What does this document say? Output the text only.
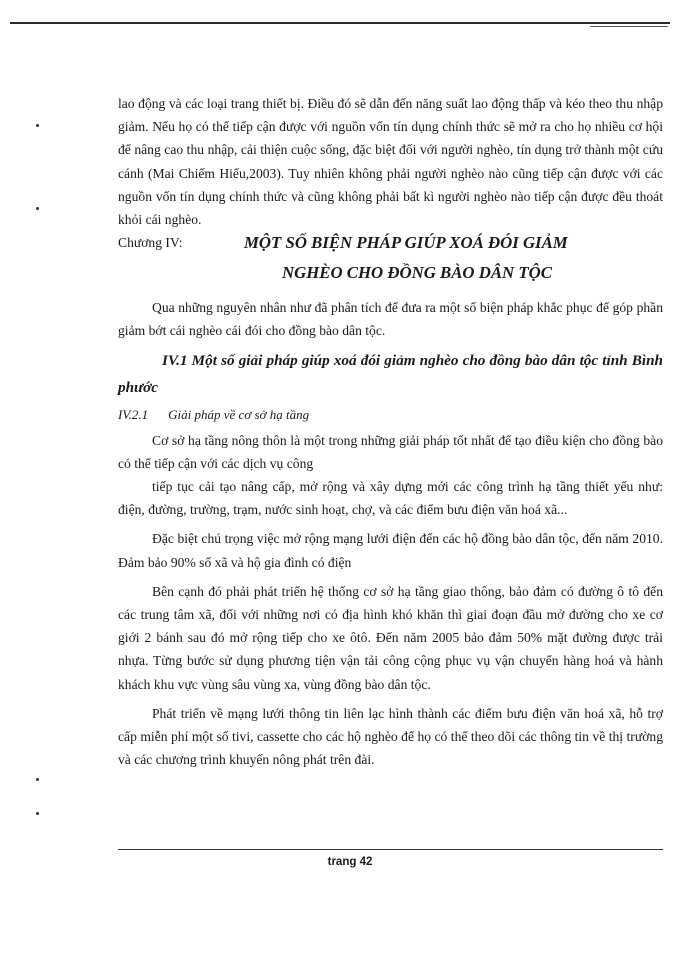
lao động và các loại trang thiết bị. Điều đó sẽ dẫn đến năng suất lao động thấp và kéo theo thu nhập giảm. Nếu họ có thể tiếp cận được với nguồn vốn tín dụng chính thức sẽ mở ra cho họ nhiều cơ hội để nâng cao thu nhập, cải thiện cuộc sống, đặc biệt đối với người nghèo, tín dụng trở thành một cứu cánh (Mai Chiếm Hiếu,2003). Tuy nhiên không phải người nghèo nào cũng tiếp cận được với các nguồn vốn tín dụng chính thức và cũng không phải bất kì người nghèo nào tiếp cận được đều thoát khỏi cái nghèo.

Chương IV:	MỘT SỐ BIỆN PHÁP GIÚP XOÁ ĐÓI GIẢM

NGHÈO CHO ĐỒNG BÀO DÂN TỘC

Qua những nguyên nhân như đã phân tích để đưa ra một số biện pháp khắc phục để góp phần giảm bớt cái nghèo cái đói cho đồng bào dân tộc.

IV.1 Một số giải pháp giúp xoá đói giảm nghèo cho đồng bào dân tộc tỉnh Bình phước

IV.2.1 Giải pháp về cơ sở hạ tầng

Cơ sở hạ tầng nông thôn là một trong những giải pháp tốt nhất để tạo điều kiện cho đồng bào có thể tiếp cận với các dịch vụ công

tiếp tục cải tạo nâng cấp, mở rộng và xây dựng mới các công trình hạ tầng thiết yếu như: điện, đường, trường, trạm, nước sinh hoạt, chợ, và các điểm bưu điện văn hoá xã...

Đặc biệt chú trọng việc mở rộng mạng lưới điện đến các hộ đồng bào dân tộc, đến năm 2010. Đảm bảo 90% số xã và hộ gia đình có điện

Bên cạnh đó phải phát triển hệ thống cơ sở hạ tầng giao thông, bảo đảm có đường ô tô đến các trung tâm xã, đối với những nơi có địa hình khó khăn thì giai đoạn đầu mở đường cho xe cơ giới 2 bánh sau đó mở rộng tiếp cho xe ôtô. Đến năm 2005 bảo đảm 50% mặt đường được trải nhựa. Từng bước sử dụng phương tiện vận tải công cộng phục vụ vận chuyển hàng hoá và hành khách khu vực vùng sâu vùng xa, vùng đồng bào dân tộc.

Phát triển về mạng lưới thông tin liên lạc hình thành các điểm bưu điện văn hoá xã, hỗ trợ cấp miễn phí một số tivi, cassette cho các hộ nghèo để họ có thể theo dõi các thông tin về thị trường và các chương trình khuyến nông phát trên đài.

trang 42
